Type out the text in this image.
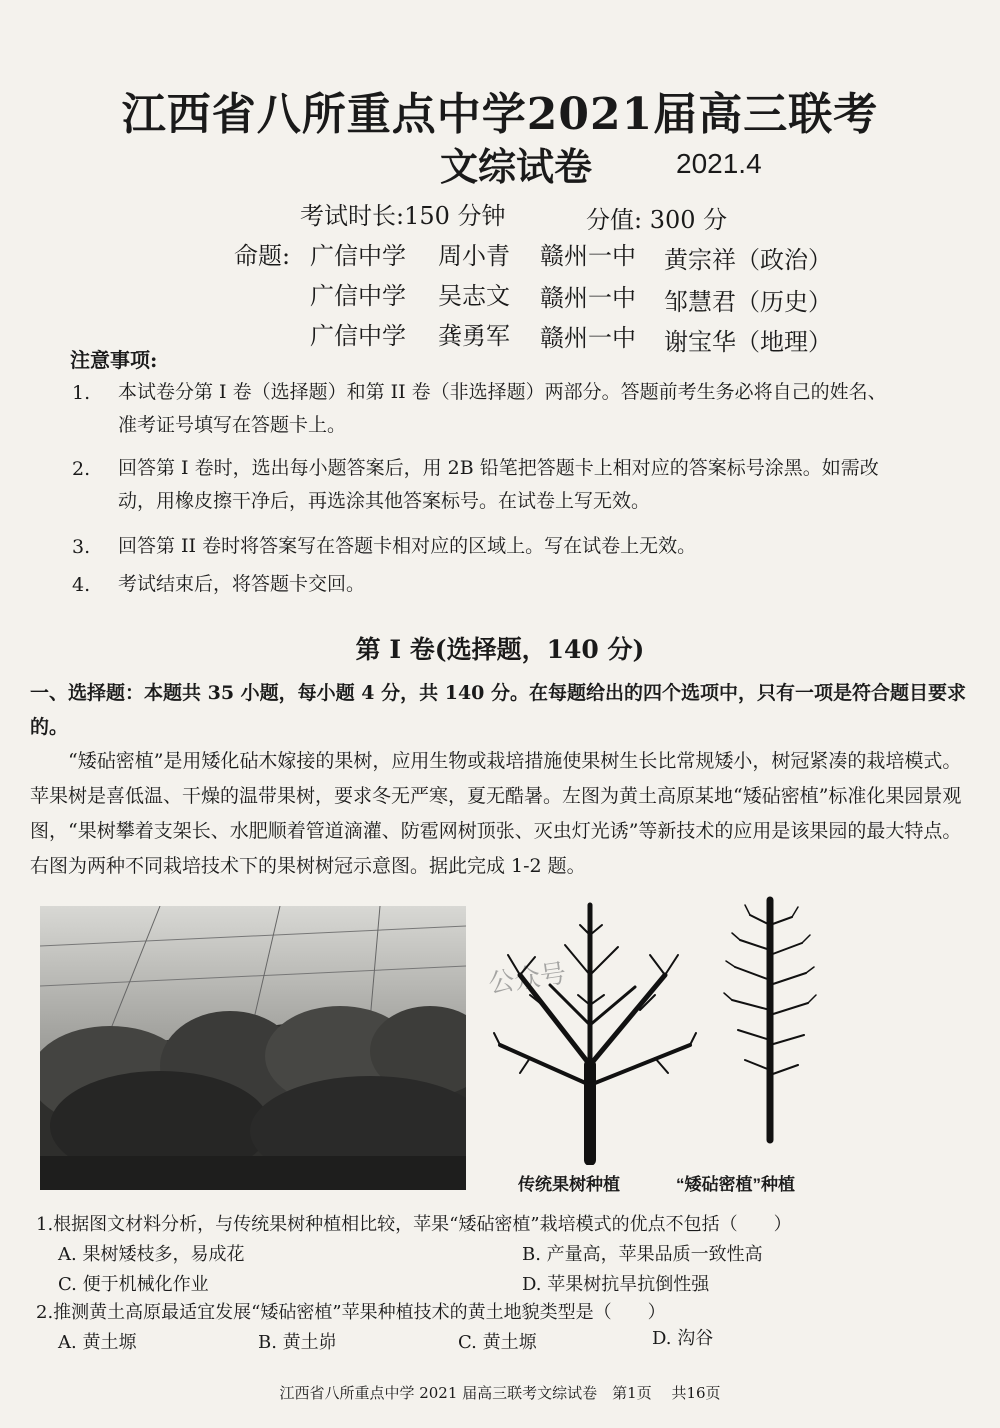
江西省八所重点中学2021届高三联考
文综试卷	2021.4
考试时长:150 分钟	分值: 300 分
命题: 广信中学 周小青 赣州一中 黄宗祥（政治）
广信中学 吴志文 赣州一中 邹慧君（历史）
广信中学 龚勇军 赣州一中 谢宝华（地理）
注意事项:
1. 本试卷分第 I 卷（选择题）和第 II 卷（非选择题）两部分。答题前考生务必将自己的姓名、
准考证号填写在答题卡上。
2. 回答第 I 卷时，选出每小题答案后，用 2B 铅笔把答题卡上相对应的答案标号涂黑。如需改
动，用橡皮擦干净后，再选涂其他答案标号。在试卷上写无效。
3. 回答第 II 卷时将答案写在答题卡相对应的区域上。写在试卷上无效。
4. 考试结束后，将答题卡交回。
第 I 卷(选择题，140 分)
一、选择题：本题共 35 小题，每小题 4 分，共 140 分。在每题给出的四个选项中，只有一项是符合题目要求的。
“矮砧密植”是用矮化砧木嫁接的果树，应用生物或栽培措施使果树生长比常规矮小，树冠紧凑的栽培模式。苹果树是喜低温、干燥的温带果树，要求冬无严寒，夏无酷暑。左图为黄土高原某地“矮砧密植”标准化果园景观图，“果树攀着支架长、水肥顺着管道滴灌、防雹网树顶张、灭虫灯光诱”等新技术的应用是该果园的最大特点。右图为两种不同栽培技术下的果树树冠示意图。据此完成 1-2 题。
公众号
传统果树种植	“矮砧密植”种植
1.根据图文材料分析，与传统果树种植相比较，苹果“矮砧密植”栽培模式的优点不包括（　　）
A. 果树矮枝多，易成花	B. 产量高，苹果品质一致性高
C. 便于机械化作业	D. 苹果树抗旱抗倒性强
2.推测黄土高原最适宜发展“矮砧密植”苹果种植技术的黄土地貌类型是（　　）
A. 黄土塬	B. 黄土峁	C. 黄土塬	D. 沟谷
江西省八所重点中学 2021 届高三联考文综试卷　第1页　 共16页
